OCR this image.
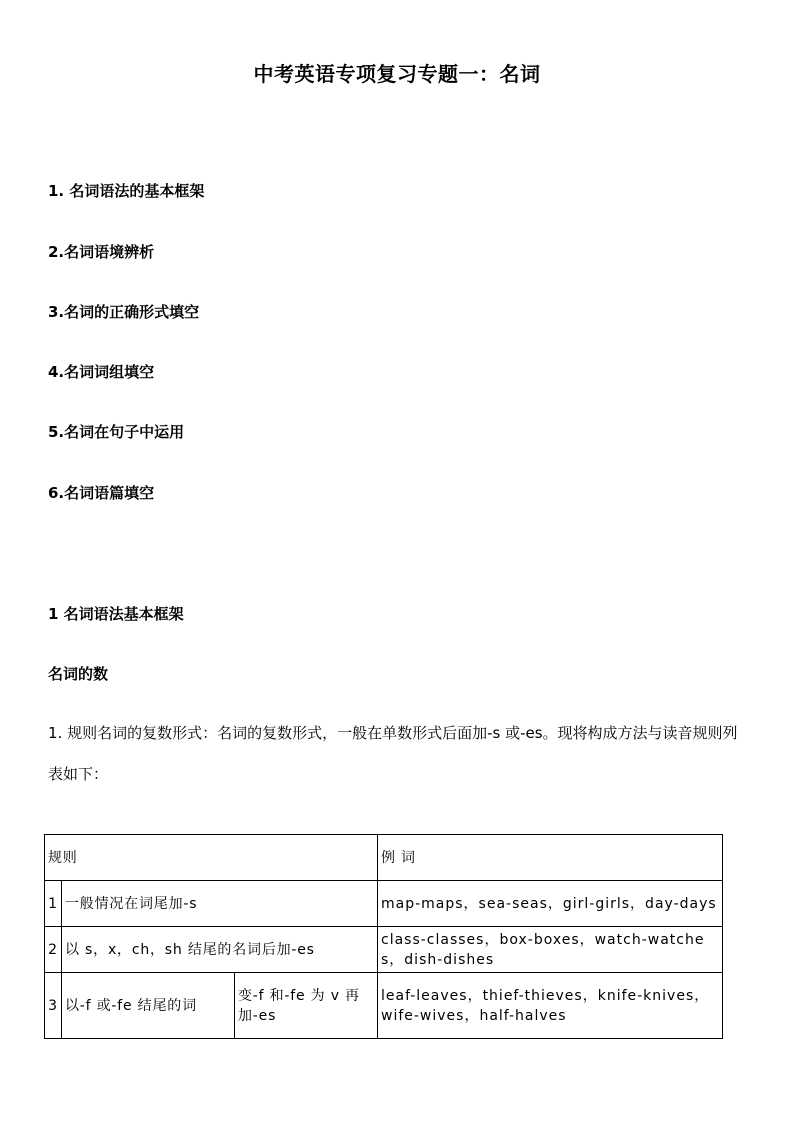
中考英语专项复习专题一：名词
1. 名词语法的基本框架
2.名词语境辨析
3.名词的正确形式填空
4.名词词组填空
5.名词在句子中运用
6.名词语篇填空
1 名词语法基本框架
名词的数
1. 规则名词的复数形式：名词的复数形式，一般在单数形式后面加-s 或-es。现将构成方法与读音规则列表如下：
规则			例 词
1	一般情况在词尾加-s		map-maps，sea-seas，girl-girls，day-days
2	以 s，x，ch，sh 结尾的名词后加-es		class-classes，box-boxes，watch-watches，dish-dishes
3	以-f 或-fe 结尾的词	变-f 和-fe 为 v 再加-es	leaf-leaves，thief-thieves，knife-knives，wife-wives，half-halves
